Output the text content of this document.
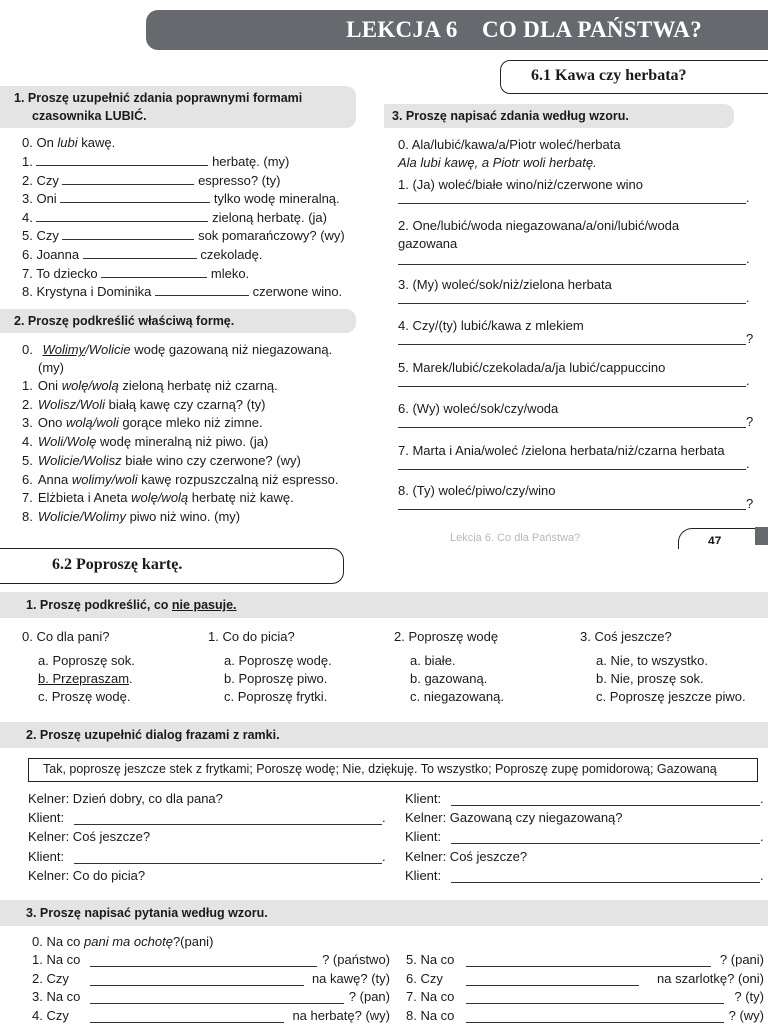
LEKCJA 6 CO DLA PAŃSTWA?
6.1 Kawa czy herbata?
1. Proszę uzupełnić zdania poprawnymi formami
czasownika LUBIĆ.
0. On lubi kawę.
1.	herbatę. (my)
2. Czy	espresso? (ty)
3. Oni	tylko wodę mineralną.
4.	zieloną herbatę. (ja)
5. Czy	sok pomarańczowy? (wy)
6. Joanna	czekoladę.
7. To dziecko	mleko.
8. Krystyna i Dominika	czerwone wino.
2. Proszę podkreślić właściwą formę.
0. Wolimy/Wolicie wodę gazowaną niż niegazowaną.
(my)
1. Oni wolę/wolą zieloną herbatę niż czarną.
2. Wolisz/Woli białą kawę czy czarną? (ty)
3. Ono wolą/woli gorące mleko niż zimne.
4. Woli/Wolę wodę mineralną niż piwo. (ja)
5. Wolicie/Wolisz białe wino czy czerwone? (wy)
6. Anna wolimy/woli kawę rozpuszczalną niż espresso.
7. Elżbieta i Aneta wolę/wolą herbatę niż kawę.
8. Wolicie/Wolimy piwo niż wino. (my)
3. Proszę napisać zdania według wzoru.
0. Ala/lubić/kawa/a/Piotr woleć/herbata
Ala lubi kawę, a Piotr woli herbatę.
1. (Ja) woleć/białe wino/niż/czerwone wino
.
2. One/lubić/woda niegazowana/a/oni/lubić/woda
gazowana
.
3. (My) woleć/sok/niż/zielona herbata
.
4. Czy/(ty) lubić/kawa z mlekiem
?
5. Marek/lubić/czekolada/a/ja lubić/cappuccino
.
6. (Wy) woleć/sok/czy/woda
?
7. Marta i Ania/woleć /zielona herbata/niż/czarna herbata
.
8. (Ty) woleć/piwo/czy/wino
?
Lekcja 6. Co dla Państwa?	47
6.2 Poproszę kartę.
1. Proszę podkreślić, co nie pasuje.
0. Co dla pani?
a. Poproszę sok.
b. Przepraszam.
c. Proszę wodę.
1. Co do picia?
a. Poproszę wodę.
b. Poproszę piwo.
c. Poproszę frytki.
2. Poproszę wodę
a. białe.
b. gazowaną.
c. niegazowaną.
3. Coś jeszcze?
a. Nie, to wszystko.
b. Nie, proszę sok.
c. Poproszę jeszcze piwo.
2. Proszę uzupełnić dialog frazami z ramki.
Tak, poproszę jeszcze stek z frytkami; Poroszę wodę; Nie, dziękuję. To wszystko; Poproszę zupę pomidorową; Gazowaną
Kelner: Dzień dobry, co dla pana?
Klient:	.
Kelner: Coś jeszcze?
Klient:	.
Kelner: Co do picia?
Klient:	.
Kelner: Gazowaną czy niegazowaną?
Klient:	.
Kelner: Coś jeszcze?
Klient:	.
3. Proszę napisać pytania według wzoru.
0. Na co pani ma ochotę?(pani)
1. Na co	? (państwo)
2. Czy	na kawę? (ty)
3. Na co	? (pan)
4. Czy	na herbatę? (wy)
5. Na co	? (pani)
6. Czy	na szarlotkę? (oni)
7. Na co	? (ty)
8. Na co	? (wy)
